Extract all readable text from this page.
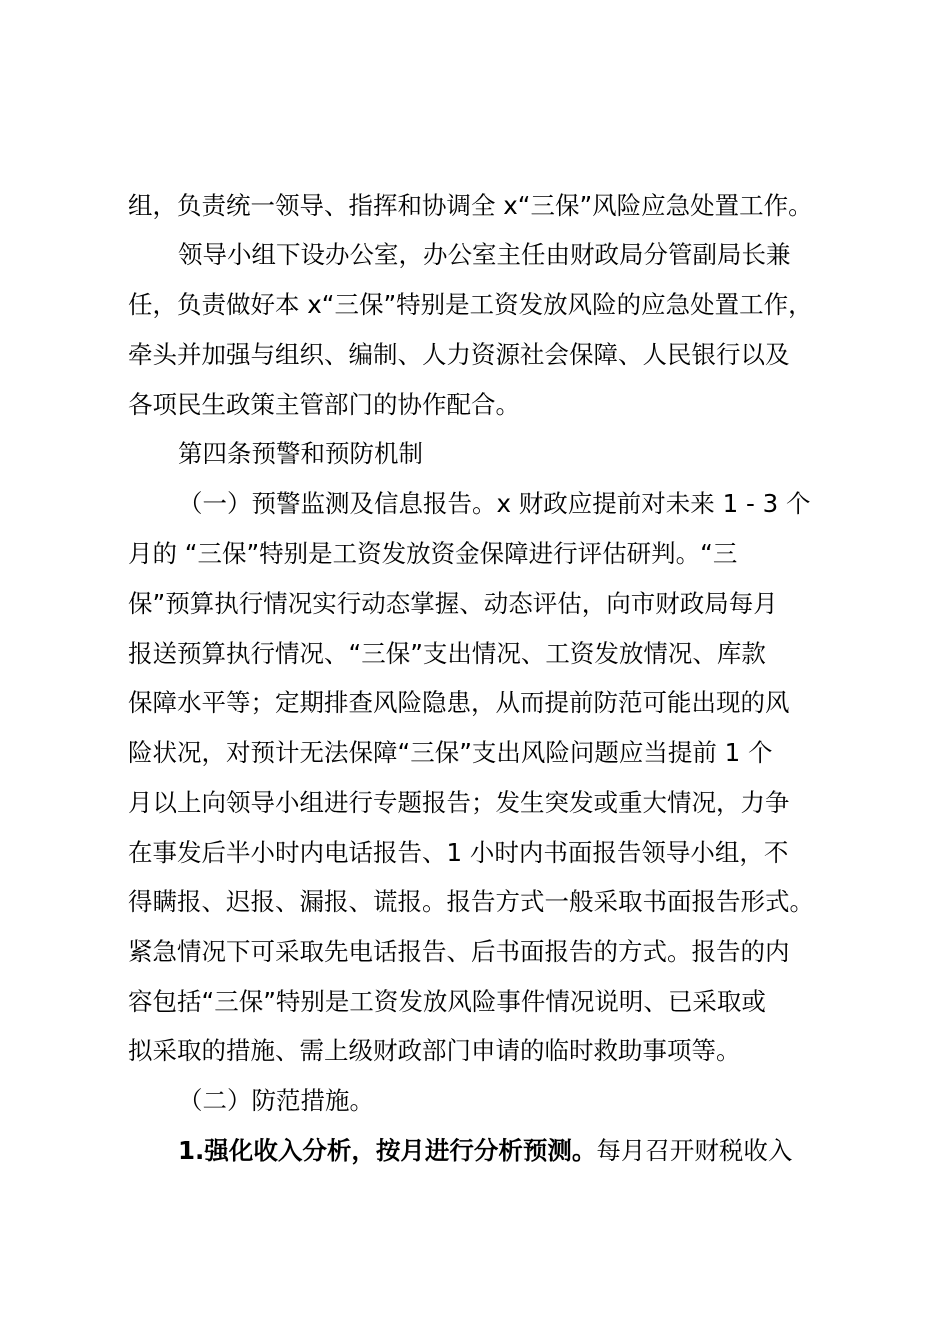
组，负责统一领导、指挥和协调全 x“三保”风险应急处置工作。
领导小组下设办公室，办公室主任由财政局分管副局长兼
任，负责做好本 x“三保”特别是工资发放风险的应急处置工作，
牵头并加强与组织、编制、人力资源社会保障、人民银行以及
各项民生政策主管部门的协作配合。
第四条预警和预防机制
（一）预警监测及信息报告。x 财政应提前对未来 1 - 3 个
月的 “三保”特别是工资发放资金保障进行评估研判。“三
保”预算执行情况实行动态掌握、动态评估，向市财政局每月
报送预算执行情况、“三保”支出情况、工资发放情况、库款
保障水平等；定期排查风险隐患，从而提前防范可能出现的风
险状况，对预计无法保障“三保”支出风险问题应当提前 1 个
月以上向领导小组进行专题报告；发生突发或重大情况，力争
在事发后半小时内电话报告、1 小时内书面报告领导小组，不
得瞒报、迟报、漏报、谎报。报告方式一般采取书面报告形式。
紧急情况下可采取先电话报告、后书面报告的方式。报告的内
容包括“三保”特别是工资发放风险事件情况说明、已采取或
拟采取的措施、需上级财政部门申请的临时救助事项等。
（二）防范措施。
1.强化收入分析，按月进行分析预测。每月召开财税收入
